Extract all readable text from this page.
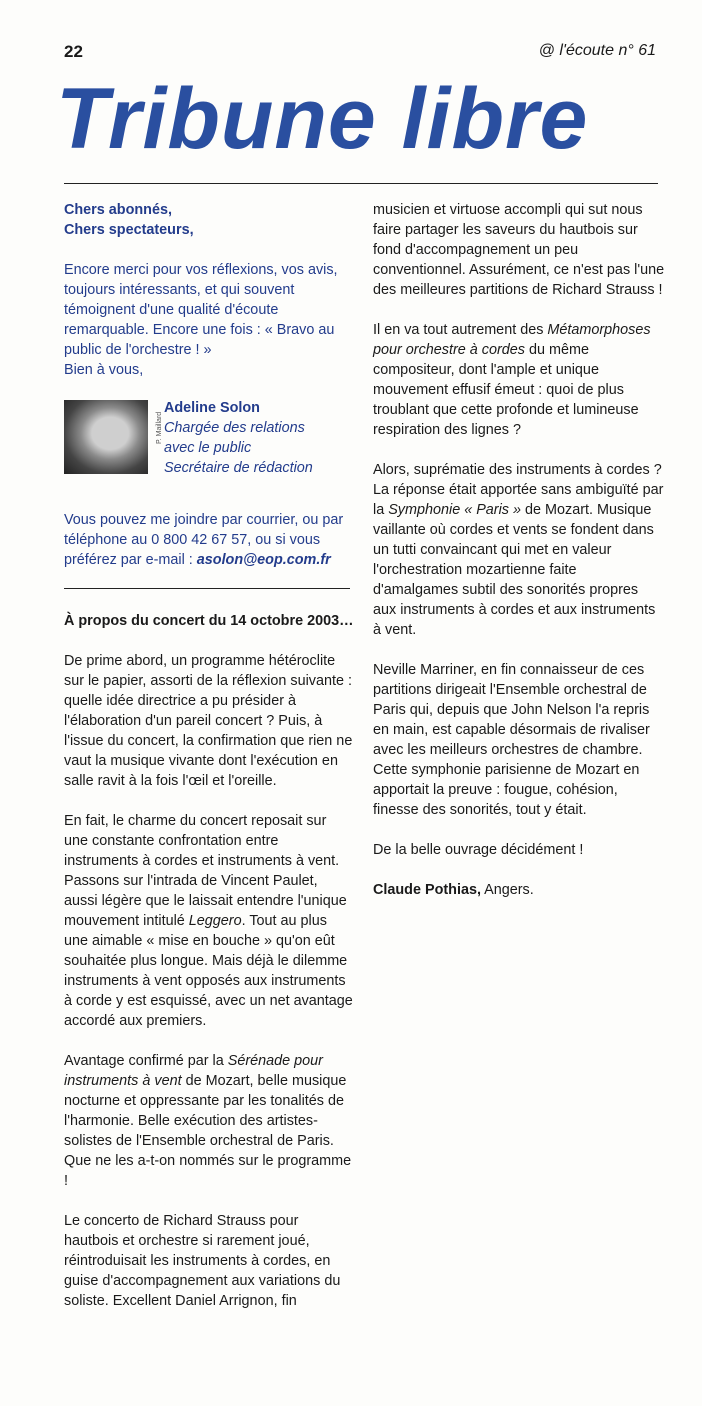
22	@ l'écoute n° 61
Tribune libre
Chers abonnés,
Chers spectateurs,

Encore merci pour vos réflexions, vos avis, toujours intéressants, et qui souvent témoignent d'une qualité d'écoute remarquable. Encore une fois : « Bravo au public de l'orchestre ! »
Bien à vous,

P. Maillard
Adeline Solon
Chargée des relations
avec le public
Secrétaire de rédaction

Vous pouvez me joindre par courrier, ou par téléphone au 0 800 42 67 57, ou si vous préférez par e-mail : asolon@eop.com.fr

À propos du concert du 14 octobre 2003…

De prime abord, un programme hétéroclite sur le papier, assorti de la réflexion suivante : quelle idée directrice a pu présider à l'élaboration d'un pareil concert ? Puis, à l'issue du concert, la confirmation que rien ne vaut la musique vivante dont l'exécution en salle ravit à la fois l'œil et l'oreille.

En fait, le charme du concert reposait sur une constante confrontation entre instruments à cordes et instruments à vent. Passons sur l'intrada de Vincent Paulet, aussi légère que le laissait entendre l'unique mouvement intitulé Leggero. Tout au plus une aimable « mise en bouche » qu'on eût souhaitée plus longue. Mais déjà le dilemme instruments à vent opposés aux instruments à corde y est esquissé, avec un net avantage accordé aux premiers.

Avantage confirmé par la Sérénade pour instruments à vent de Mozart, belle musique nocturne et oppressante par les tonalités de l'harmonie. Belle exécution des artistes-solistes de l'Ensemble orchestral de Paris. Que ne les a-t-on nommés sur le programme !

Le concerto de Richard Strauss pour hautbois et orchestre si rarement joué, réintroduisait les instruments à cordes, en guise d'accompagnement aux variations du soliste. Excellent Daniel Arrignon, fin

musicien et virtuose accompli qui sut nous faire partager les saveurs du hautbois sur fond d'accompagnement un peu conventionnel. Assurément, ce n'est pas l'une des meilleures partitions de Richard Strauss !

Il en va tout autrement des Métamorphoses pour orchestre à cordes du même compositeur, dont l'ample et unique mouvement effusif émeut : quoi de plus troublant que cette profonde et lumineuse respiration des lignes ?

Alors, suprématie des instruments à cordes ? La réponse était apportée sans ambiguïté par la Symphonie « Paris » de Mozart. Musique vaillante où cordes et vents se fondent dans un tutti convaincant qui met en valeur l'orchestration mozartienne faite d'amalgames subtil des sonorités propres aux instruments à cordes et aux instruments à vent.

Neville Marriner, en fin connaisseur de ces partitions dirigeait l'Ensemble orchestral de Paris qui, depuis que John Nelson l'a repris en main, est capable désormais de rivaliser avec les meilleurs orchestres de chambre. Cette symphonie parisienne de Mozart en apportait la preuve : fougue, cohésion, finesse des sonorités, tout y était.

De la belle ouvrage décidément !

Claude Pothias, Angers.
